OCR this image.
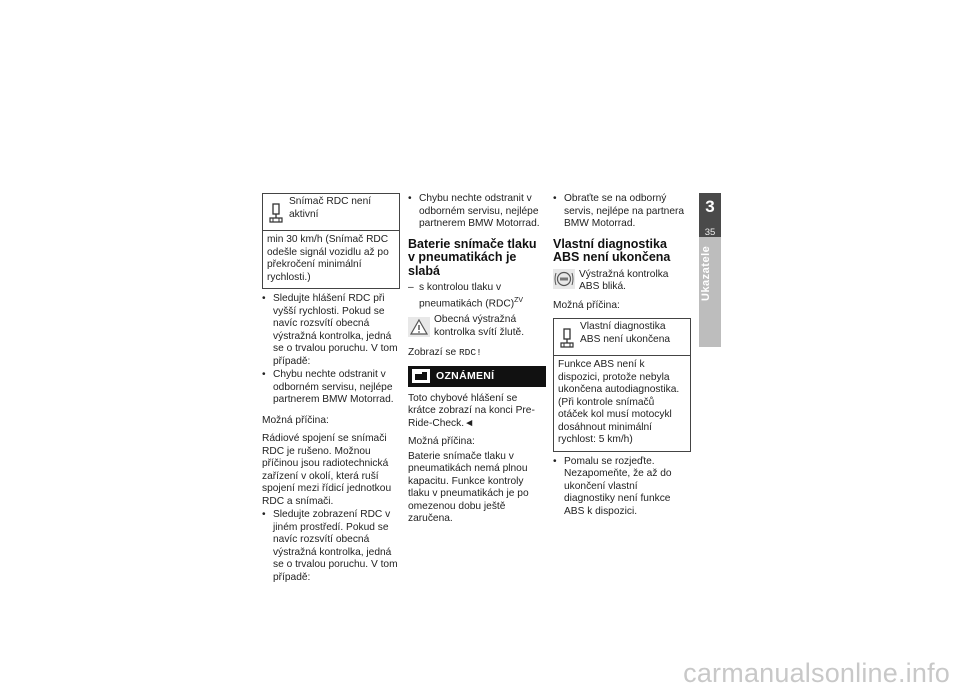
Snímač RDC není aktivní
min 30 km/h (Snímač RDC odešle signál vozidlu až po překročení minimální rychlosti.)
• Sledujte hlášení RDC při vyšší rychlosti. Pokud se navíc rozsvítí obecná výstražná kontrolka, jedná se o trvalou poruchu. V tom případě:
• Chybu nechte odstranit v odborném servisu, nejlépe partnerem BMW Motorrad.

Možná příčina:

Rádiové spojení se snímači RDC je rušeno. Možnou příčinou jsou radiotechnická zařízení v okolí, která ruší spojení mezi řídicí jednotkou RDC a snímači.

• Sledujte zobrazení RDC v jiném prostředí. Pokud se navíc rozsvítí obecná výstražná kontrolka, jedná se o trvalou poruchu. V tom případě:
• Chybu nechte odstranit v odborném servisu, nejlépe partnerem BMW Motorrad.
Baterie snímače tlaku v pneumatikách je slabá
– s kontrolou tlaku v pneumatikách (RDC)$^{ZV}$
Obecná výstražná kontrolka svítí žlutě.

Zobrazí se RDC!

OZNÁMENÍ

Toto chybové hlášení se krátce zobrazí na konci Pre-Ride-Check.◄

Možná příčina:

Baterie snímače tlaku v pneumatikách nemá plnou kapacitu. Funkce kontroly tlaku v pneumatikách je po omezenou dobu ještě zaručena.

• Obraťte se na odborný servis, nejlépe na partnera BMW Motorrad.
Vlastní diagnostika ABS není ukončena
Výstražná kontrolka ABS bliká.

Možná příčina:

Vlastní diagnostika ABS není ukončena
Funkce ABS není k dispozici, protože nebyla ukončena autodiagnostika. (Při kontrole snímačů otáček kol musí motocykl dosáhnout minimální rychlost: 5 km/h)
• Pomalu se rozjeďte. Nezapomeňte, že až do ukončení vlastní diagnostiky není funkce ABS k dispozici.
3
35
Ukazatele
carmanualsonline.info
